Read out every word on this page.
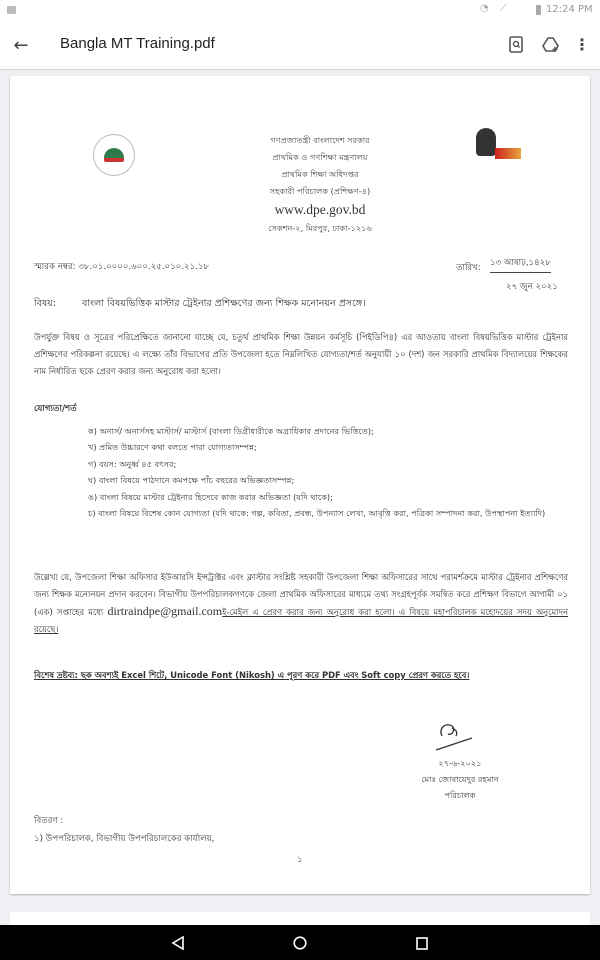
◔ ⟋	12:24 PM
←	Bangla MT Training.pdf	⋮
গণপ্রজাতন্ত্রী বাংলাদেশ সরকার
প্রাথমিক ও গণশিক্ষা মন্ত্রণালয়
প্রাথমিক শিক্ষা অধিদপ্তর
সহকারী পরিচালক (প্রশিক্ষণ-৪)
www.dpe.gov.bd
সেকশন-২, মিরপুর, ঢাকা-১২১৬
স্মারক নম্বর: ৩৮.০১.০০০০.৬০০.২৫.০১০.২১.১৮	তারিখ: ১৩ আষাঢ়,১৪২৮
২৭ জুন ২০২১
বিষয়:	বাংলা বিষয়ভিত্তিক মাস্টার ট্রেইনার প্রশিক্ষণের জন্য শিক্ষক মনোনয়ন প্রসঙ্গে।
উপর্যুক্ত বিষয় ও সূত্রের পরিপ্রেক্ষিতে জানানো যাচ্ছে যে, চতুর্থ প্রাথমিক শিক্ষা উন্নয়ন কর্মসূচি (পিইডিপি৪) এর আওতায় বাংলা বিষয়ভিত্তিক মাস্টার ট্রেইনার প্রশিক্ষণের পরিকল্পনা রয়েছে। এ লক্ষ্যে তাঁর বিভাগের প্রতি উপজেলা হতে নিম্নলিখিত যোগ্যতা/শর্ত অনুযায়ী ১০ (দশ) জন সরকারি প্রাথমিক বিদ্যালয়ের শিক্ষকের নাম নির্ধারিত ছকে প্রেরণ করার জন্য অনুরোধ করা হলো।
যোগ্যতা/শর্ত
ক) অনার্স/ অনার্সসহ মাস্টার্স/ মাস্টার্স (বাংলা ডিগ্রীধারীকে অগ্রাধিকার প্রদানের ভিত্তিতে);
খ) প্রমিত উচ্চারণে কথা বলতে পারা যোগ্যতাসম্পন্ন;
গ) বয়স: অনুর্ধ্ব ৪৫ বৎসর;
ঘ) বাংলা বিষয়ে পাঠদানে কমপক্ষে পাঁচ বছরের অভিজ্ঞতাসম্পন্ন;
ঙ) বাংলা বিষয়ে মাস্টার ট্রেইনার হিসেবে কাজ করার অভিজ্ঞতা (যদি থাকে);
চ) বাংলা বিষয়ে বিশেষ কোন যোগ্যতা (যদি থাকে: গল্প, কবিতা, প্রবন্ধ, উপন্যাস লেখা, আবৃত্তি করা, পত্রিকা সম্পাদনা করা, উপস্থাপনা ইত্যাদি)
উল্লেখ্য যে, উপজেলা শিক্ষা অফিসার ইউআরসি ইন্সট্রাক্টর এবং ক্লাস্টার সংশ্লিষ্ট সহকারী উপজেলা শিক্ষা অফিসারের সাথে পরামর্শক্রমে মাস্টার ট্রেইনার প্রশিক্ষণের জন্য শিক্ষক মনোনয়ন প্রদান করবেন। বিভাগীয় উপপরিচালকগণকে জেলা প্রাথমিক অফিসারের মাধ্যমে তথ্য সংগ্রহপূর্বক সমন্বিত করে প্রশিক্ষণ বিভাগে আগামী ০১ (এক) সপ্তাহের মধ্যে dirtraindpe@gmail.comই-মেইল এ প্রেরণ করার জন্য অনুরোধ করা হলো। এ বিষয়ে মহাপরিচালক মহোদয়ের সদয় অনুমোদন রয়েছে।
বিশেষ দ্রষ্টব্য: ছক অবশ্যই Excel শিটে, Unicode Font (Nikosh) এ পূরণ করে PDF এবং Soft copy প্রেরণ করতে হবে।
২৭-৬-২০২১
মোঃ জোবায়েদুর রহমান
পরিচালক
বিতরণ :
১) উপপরিচালক, বিভাগীয় উপপরিচালকের কার্যালয়,
১
